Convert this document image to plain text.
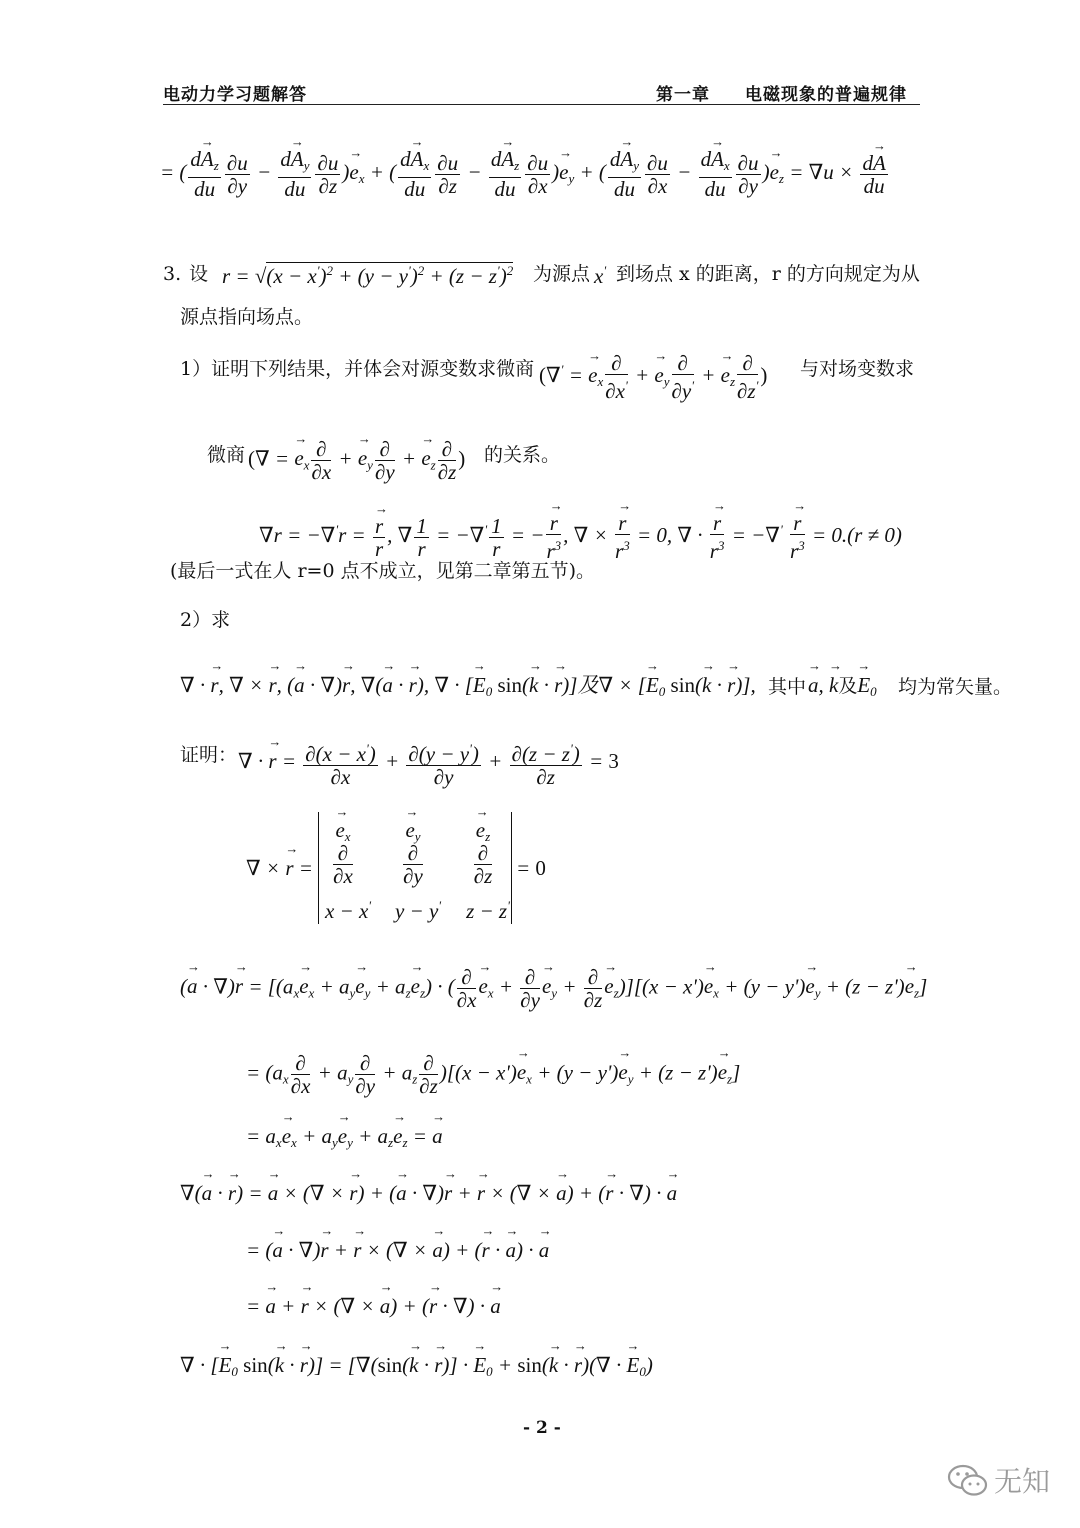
电动力学习题解答	第一章 电磁现象的普遍规律
= ( $\frac{d\to A_z}{du} \frac{\partial u}{\partial y} - \frac{d\to A_y}{du} \frac{\partial u}{\partial z}$ )→ $e_x$ + ( $\frac{d\to A_x}{du} \frac{\partial u}{\partial z} - \frac{d\to A_z}{du} \frac{\partial u}{\partial x}$ )→ $e_y$ + ( $\frac{d\to A_y}{du} \frac{\partial u}{\partial x} - \frac{d\to A_x}{du} \frac{\partial u}{\partial y}$ )→ $e_z = \nabla u \times \frac{d\to A}{du}$
3. 设 $r = √(x - x')^2 + (y - y')^2 + (z - z')^2$ 为源点 x' 到场点 x 的距离，r 的方向规定为从
源点指向场点。
1）证明下列结果，并体会对源变数求微商 (∇' = → $e_x \frac{\partial}{\partial x'}$ + → $e_y \frac{\partial}{\partial y'}$ + → $e_z \frac{\partial}{\partial z'}$ ) 与对场变数求
微商 (∇ = → $e_x \frac{\partial}{\partial x}$ + → $e_y \frac{\partial}{\partial y}$ + → $e_z \frac{\partial}{\partial z}$ ) 的关系。
∇r = −∇'r =
→ $\frac{r}{r}$ , ∇ $\frac{1}{r} = -\nabla' \frac{1}{r}$ = −
→ $\frac{r}{r^3}$ , ∇ ×
→ $\frac{r}{r^3} = 0$, ∇ ·
→ $\frac{r}{r^3} = -\nabla'$
→ $\frac{r}{r^3} = 0.(r \ne 0)$
(最后一式在人 r=0 点不成立，见第二章第五节)。
2）求
∇ · → r, ∇ × → r, (→ a · ∇)→ r, ∇(→ a · → r), ∇ · [→ $E_0$ sin(→ k · → r)]及∇ × [→ $E_0$ sin(→ k · → r)], 其中
→ a, → k及→ $E_0$ 均为常矢量。
证明： ∇ · → $r = \frac{\partial(x - x')}{\partial x} + \frac{\partial(y - y')}{\partial y} + \frac{\partial(z - z')}{\partial z} = 3$
∇ × → r =
→ $e_x$
→	$e_y$
→	$e_z$
$\frac{\partial}{\partial x} \frac{\partial}{\partial y} \frac{\partial}{\partial z}$
x − x'	y − y'	z − z'
= 0
(→ a · ∇)→ $r = [(a_x\to e_x + a_y\to e_y + a_z\to e_z)$ · ( $\frac{\partial}{\partial x}$
→ $e_x + \frac{\partial}{\partial y}$
→ $e_y + \frac{\partial}{\partial z}$
→ $e_z)][(x - x')\to e_x + (y - y')\to e_y + (z - z')\to e_z]$
= $(a_x \frac{\partial}{\partial x} + a_y \frac{\partial}{\partial y} + a_z \frac{\partial}{\partial z} )[(x - x')\to e_x + (y - y')\to e_y + (z - z')\to e_z]$
= $a_x\to e_x + a_y\to e_y + a_z\to e_z$ = → a
∇(→ a · → r) = → a × (∇ × → r) + (→ a · ∇)→ r + → r × (∇ × → a) + (→ r · ∇) · → a
= (→ a · ∇)→ r + → r × (∇ × → a) + (→ r · → a) · → a
= → a + → r × (∇ × → a) + (→ r · ∇) · → a
∇ · [→ $E_0$ sin(→ k · → r)] = [∇(sin(→ k · → r)] · → $E_0 + \sin(\to k$ · → r)(∇ · → $E_0$)
- 2 -
无知
